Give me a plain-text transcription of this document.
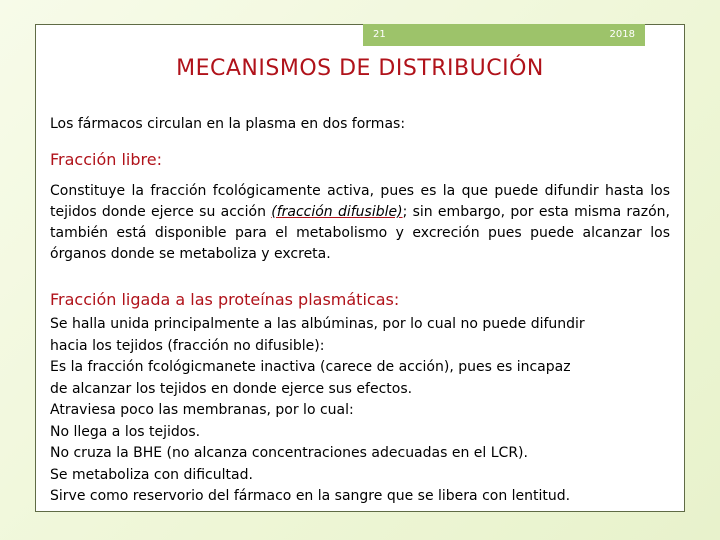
21	2018
MECANISMOS DE DISTRIBUCIÓN
Los fármacos circulan en la plasma en dos formas:
Fracción libre:
Constituye la fracción fcológicamente activa, pues es la que puede difundir hasta los tejidos donde ejerce su acción (fracción difusible); sin embargo, por esta misma razón, también está disponible para el metabolismo y excreción pues puede alcanzar los órganos donde se metaboliza y excreta.
Fracción ligada a las proteínas plasmáticas:
Se halla unida principalmente a las albúminas, por lo cual no puede difundir
hacia los tejidos (fracción no difusible):
Es la fracción fcológicmanete inactiva (carece de acción), pues es incapaz
de alcanzar los tejidos en donde ejerce sus efectos.
Atraviesa poco las membranas, por lo cual:
No llega a los tejidos.
No cruza la BHE (no alcanza concentraciones adecuadas en el LCR).
Se metaboliza con dificultad.
Sirve como reservorio del fármaco en la sangre que se libera con lentitud.
